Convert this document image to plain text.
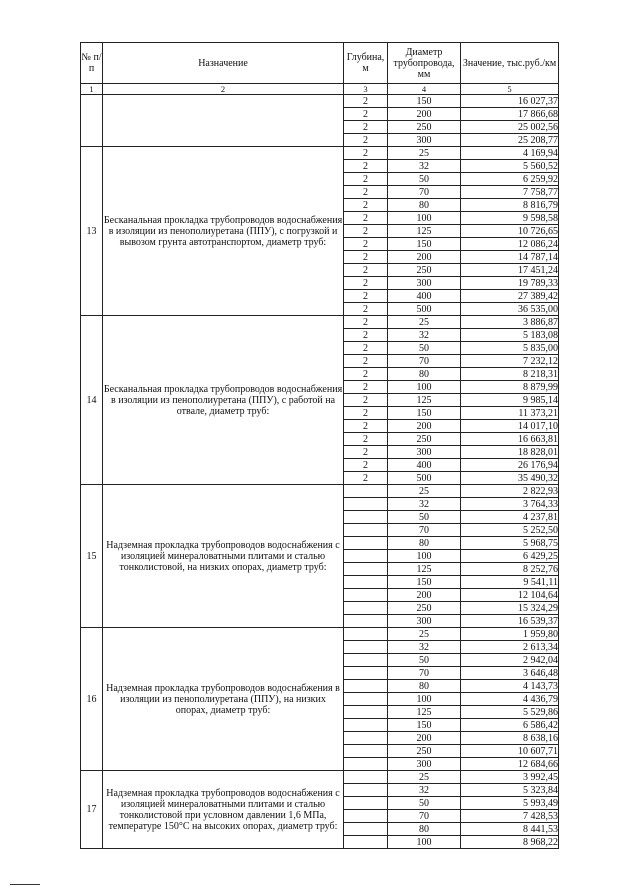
№ п/п	Назначение	Глубина, м	Диаметр трубопровода, мм	Значение, тыс.руб./км
1	2	3	4	5
		2	150	16 027,37
		2	200	17 866,68
		2	250	25 002,56
		2	300	25 208,77
13	Бесканальная прокладка трубопроводов водоснабжения в изоляции из пенополиуретана (ППУ), с погрузкой и вывозом грунта автотранспортом, диаметр труб:	2	25	4 169,94
		2	32	5 560,52
		2	50	6 259,92
		2	70	7 758,77
		2	80	8 816,79
		2	100	9 598,58
		2	125	10 726,65
		2	150	12 086,24
		2	200	14 787,14
		2	250	17 451,24
		2	300	19 789,33
		2	400	27 389,42
		2	500	36 535,00
14	Бесканальная прокладка трубопроводов водоснабжения в изоляции из пенополиуретана (ППУ), с работой на отвале, диаметр труб:	2	25	3 886,87
		2	32	5 183,08
		2	50	5 835,00
		2	70	7 232,12
		2	80	8 218,31
		2	100	8 879,99
		2	125	9 985,14
		2	150	11 373,21
		2	200	14 017,10
		2	250	16 663,81
		2	300	18 828,01
		2	400	26 176,94
		2	500	35 490,32
15	Надземная прокладка трубопроводов водоснабжения с изоляцией минераловатными плитами и сталью тонколистовой, на низких опорах, диаметр труб:		25	2 822,93
			32	3 764,33
			50	4 237,81
			70	5 252,50
			80	5 968,75
			100	6 429,25
			125	8 252,76
			150	9 541,11
			200	12 104,64
			250	15 324,29
			300	16 539,37
16	Надземная прокладка трубопроводов водоснабжения в изоляции из пенополиуретана (ППУ), на низких опорах, диаметр труб:		25	1 959,80
			32	2 613,34
			50	2 942,04
			70	3 646,48
			80	4 143,73
			100	4 436,79
			125	5 529,86
			150	6 586,42
			200	8 638,16
			250	10 607,71
			300	12 684,66
17	Надземная прокладка трубопроводов водоснабжения с изоляцией минераловатными плитами и сталью тонколистовой при условном давлении 1,6 МПа, температуре 150°С на высоких опорах, диаметр труб:		25	3 992,45
			32	5 323,84
			50	5 993,49
			70	7 428,53
			80	8 441,53
			100	8 968,22
